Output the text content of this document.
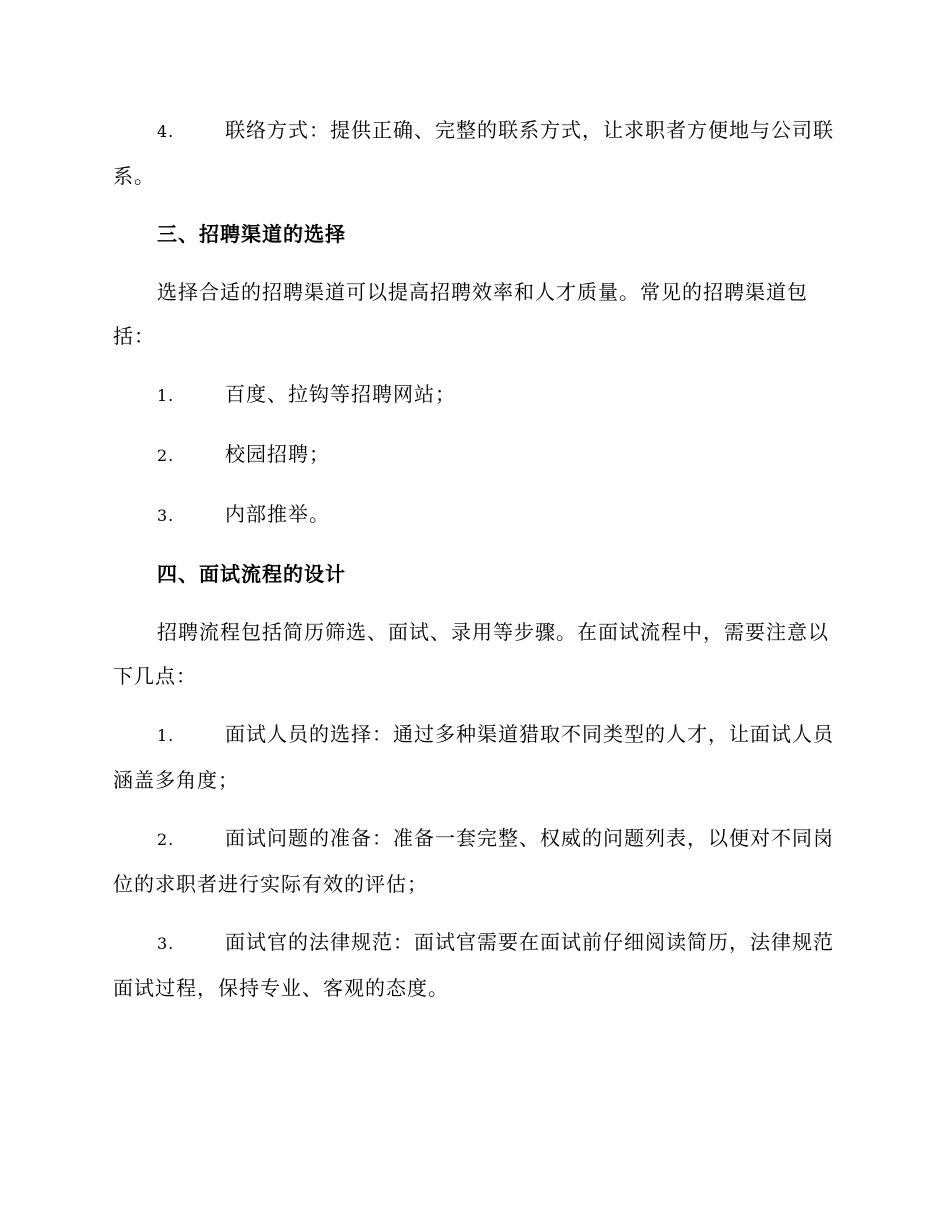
4.	联络方式：提供正确、完整的联系方式，让求职者方便地与公司联系。

三、招聘渠道的选择

选择合适的招聘渠道可以提高招聘效率和人才质量。常见的招聘渠道包括：

1.	百度、拉钩等招聘网站；

2.	校园招聘；

3.	内部推举。

四、面试流程的设计

招聘流程包括简历筛选、面试、录用等步骤。在面试流程中，需要注意以下几点：

1.	面试人员的选择：通过多种渠道猎取不同类型的人才，让面试人员涵盖多角度；

2.	面试问题的准备：准备一套完整、权威的问题列表，以便对不同岗位的求职者进行实际有效的评估；

3.	面试官的法律规范：面试官需要在面试前仔细阅读简历，法律规范面试过程，保持专业、客观的态度。
